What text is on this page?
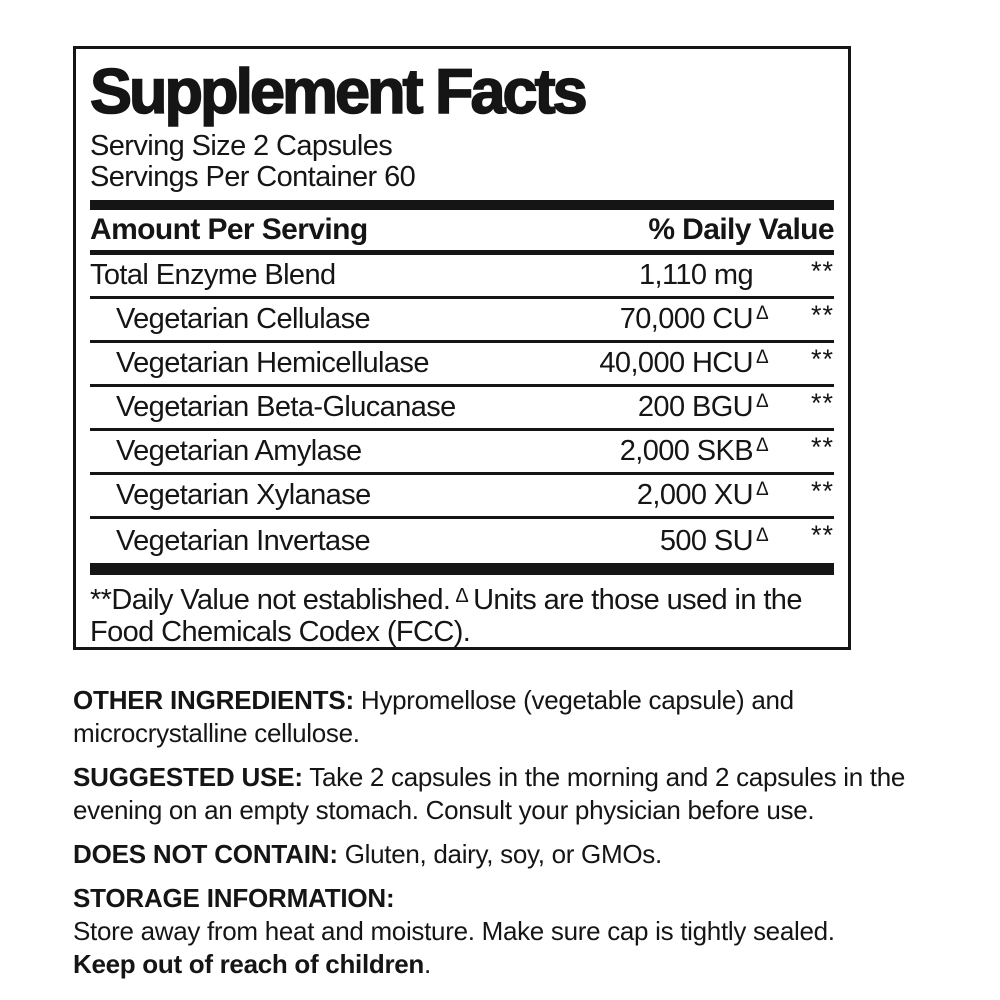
Supplement Facts
Serving Size 2 Capsules
Servings Per Container 60
Amount Per Serving	% Daily Value
Total Enzyme Blend	1,110 mg	**
Vegetarian Cellulase	70,000 CU Δ	**
Vegetarian Hemicellulase	40,000 HCU Δ	**
Vegetarian Beta-Glucanase	200 BGU Δ	**
Vegetarian Amylase	2,000 SKB Δ	**
Vegetarian Xylanase	2,000 XU Δ	**
Vegetarian Invertase	500 SU Δ	**

**Daily Value not established. $^\Delta$ Units are those used in the Food Chemicals Codex (FCC).

OTHER INGREDIENTS: Hypromellose (vegetable capsule) and microcrystalline cellulose.

SUGGESTED USE: Take 2 capsules in the morning and 2 capsules in the evening on an empty stomach. Consult your physician before use.

DOES NOT CONTAIN: Gluten, dairy, soy, or GMOs.

STORAGE INFORMATION:
Store away from heat and moisture. Make sure cap is tightly sealed.
Keep out of reach of children.
